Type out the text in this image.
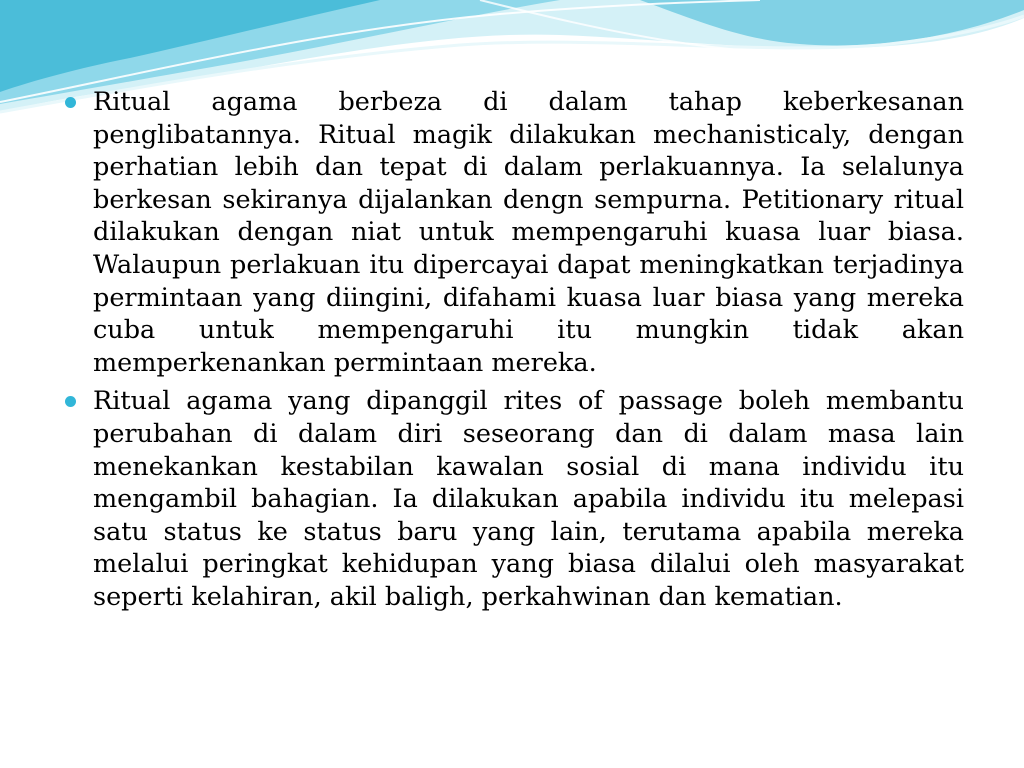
Ritual agama berbeza di dalam tahap keberkesanan penglibatannya. Ritual magik dilakukan mechanisticaly, dengan perhatian lebih dan tepat di dalam perlakuannya. Ia selalunya berkesan sekiranya dijalankan dengn sempurna. Petitionary ritual dilakukan dengan niat untuk mempengaruhi kuasa luar biasa. Walaupun perlakuan itu dipercayai dapat meningkatkan terjadinya permintaan yang diingini, difahami kuasa luar biasa yang mereka cuba untuk mempengaruhi itu mungkin tidak akan memperkenankan permintaan mereka.
Ritual agama yang dipanggil rites of passage boleh membantu perubahan di dalam diri seseorang dan di dalam masa lain menekankan kestabilan kawalan sosial di mana individu itu mengambil bahagian. Ia dilakukan apabila individu itu melepasi satu status ke status baru yang lain, terutama apabila mereka melalui peringkat kehidupan yang biasa dilalui oleh masyarakat seperti kelahiran, akil baligh, perkahwinan dan kematian.
